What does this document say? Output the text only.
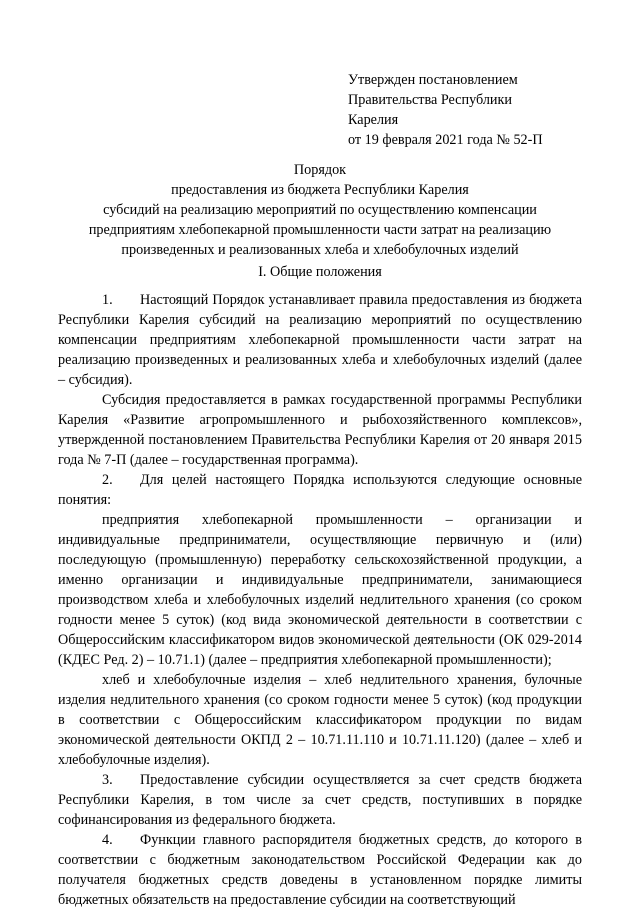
Утвержден постановлением
Правительства Республики
Карелия
от 19 февраля 2021 года № 52-П
Порядок
предоставления из бюджета Республики Карелия
субсидий на реализацию мероприятий по осуществлению компенсации
предприятиям хлебопекарной промышленности части затрат на реализацию
произведенных и реализованных хлеба и хлебобулочных изделий
I. Общие положения

1. Настоящий Порядок устанавливает правила предоставления из бюджета Республики Карелия субсидий на реализацию мероприятий по осуществлению компенсации предприятиям хлебопекарной промышленности части затрат на реализацию произведенных и реализованных хлеба и хлебобулочных изделий (далее – субсидия).

Субсидия предоставляется в рамках государственной программы Республики Карелия «Развитие агропромышленного и рыбохозяйственного комплексов», утвержденной постановлением Правительства Республики Карелия от 20 января 2015 года № 7-П (далее – государственная программа).

2. Для целей настоящего Порядка используются следующие основные понятия:

предприятия хлебопекарной промышленности – организации и индивидуальные предприниматели, осуществляющие первичную и (или) последующую (промышленную) переработку сельскохозяйственной продукции, а именно организации и индивидуальные предприниматели, занимающиеся производством хлеба и хлебобулочных изделий недлительного хранения (со сроком годности менее 5 суток) (код вида экономической деятельности в соответствии с Общероссийским классификатором видов экономической деятельности (ОК 029-2014 (КДЕС Ред. 2) – 10.71.1) (далее – предприятия хлебопекарной промышленности);

хлеб и хлебобулочные изделия – хлеб недлительного хранения, булочные изделия недлительного хранения (со сроком годности менее 5 суток) (код продукции в соответствии с Общероссийским классификатором продукции по видам экономической деятельности ОКПД 2 – 10.71.11.110 и 10.71.11.120) (далее – хлеб и хлебобулочные изделия).

3. Предоставление субсидии осуществляется за счет средств бюджета Республики Карелия, в том числе за счет средств, поступивших в порядке софинансирования из федерального бюджета.

4. Функции главного распорядителя бюджетных средств, до которого в соответствии с бюджетным законодательством Российской Федерации как до получателя бюджетных средств доведены в установленном порядке лимиты бюджетных обязательств на предоставление субсидии на соответствующий
